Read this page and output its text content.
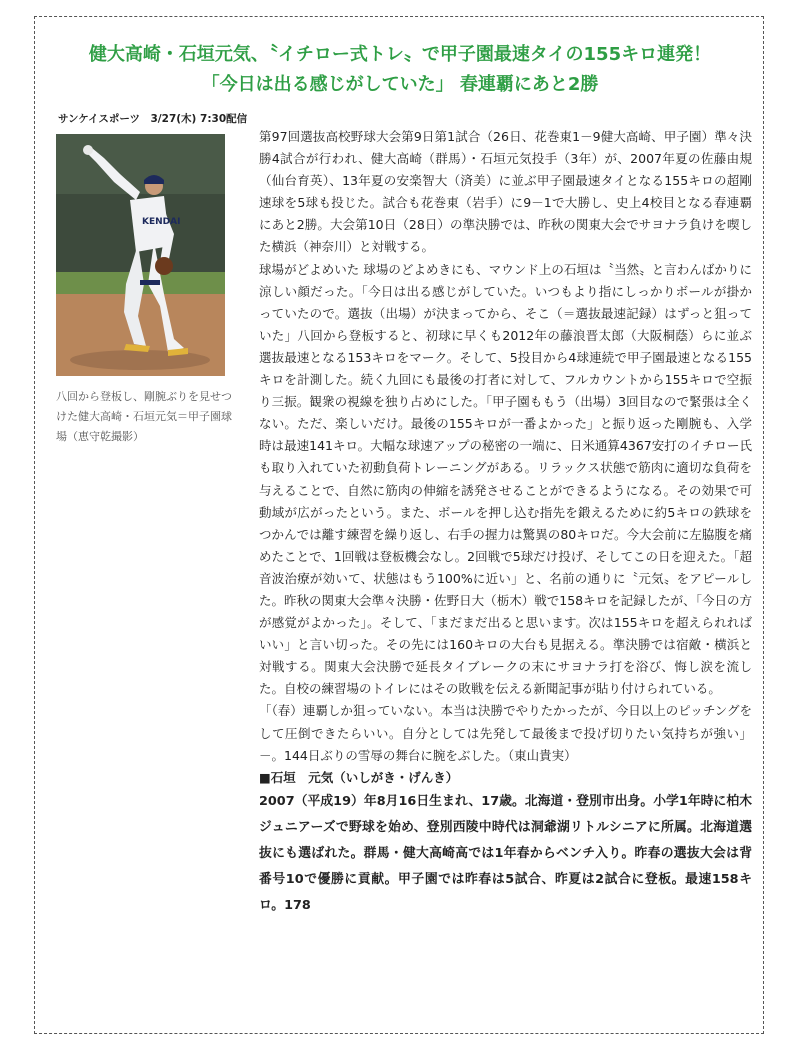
健大高崎・石垣元気、〝イチロー式トレ〟で甲子園最速タイの155キロ連発！
「今日は出る感じがしていた」 春連覇にあと2勝
サンケイスポーツ　3/27(木) 7:30配信
KENDAI
八回から登板し、剛腕ぶりを見せつけた健大高崎・石垣元気＝甲子園球場（恵守乾撮影）

第97回選抜高校野球大会第9日第1試合（26日、花巻東1－9健大高崎、甲子園）準々決勝4試合が行われ、健大高崎（群馬）・石垣元気投手（3年）が、2007年夏の佐藤由規（仙台育英）、13年夏の安楽智大（済美）に並ぶ甲子園最速タイとなる155キロの超剛速球を5球も投じた。試合も花巻東（岩手）に9－1で大勝し、史上4校目となる春連覇にあと2勝。大会第10日（28日）の準決勝では、昨秋の関東大会でサヨナラ負けを喫した横浜（神奈川）と対戦する。

球場がどよめいた 球場のどよめきにも、マウンド上の石垣は〝当然〟と言わんばかりに涼しい顔だった。「今日は出る感じがしていた。いつもより指にしっかりボールが掛かっていたので。選抜（出場）が決まってから、そこ（＝選抜最速記録）はずっと狙っていた」八回から登板すると、初球に早くも2012年の藤浪晋太郎（大阪桐蔭）らに並ぶ選抜最速となる153キロをマーク。そして、5投目から4球連続で甲子園最速となる155キロを計測した。続く九回にも最後の打者に対して、フルカウントから155キロで空振り三振。観衆の視線を独り占めにした。「甲子園ももう（出場）3回目なので緊張は全くない。ただ、楽しいだけ。最後の155キロが一番よかった」と振り返った剛腕も、入学時は最速141キロ。大幅な球速アップの秘密の一端に、日米通算4367安打のイチロー氏も取り入れていた初動負荷トレーニングがある。リラックス状態で筋肉に適切な負荷を与えることで、自然に筋肉の伸縮を誘発させることができるようになる。その効果で可動域が広がったという。また、ボールを押し込む指先を鍛えるために約5キロの鉄球をつかんでは離す練習を繰り返し、右手の握力は驚異の80キロだ。今大会前に左脇腹を痛めたことで、1回戦は登板機会なし。2回戦で5球だけ投げ、そしてこの日を迎えた。「超音波治療が効いて、状態はもう100%に近い」と、名前の通りに〝元気〟をアピールした。昨秋の関東大会準々決勝・佐野日大（栃木）戦で158キロを記録したが、「今日の方が感覚がよかった」。そして、「まだまだ出ると思います。次は155キロを超えられればいい」と言い切った。その先には160キロの大台も見据える。準決勝では宿敵・横浜と対戦する。関東大会決勝で延長タイブレークの末にサヨナラ打を浴び、悔し涙を流した。自校の練習場のトイレにはその敗戦を伝える新聞記事が貼り付けられている。

「（春）連覇しか狙っていない。本当は決勝でやりたかったが、今日以上のピッチングをして圧倒できたらいい。自分としては先発して最後まで投げ切りたい気持ちが強い」－。144日ぶりの雪辱の舞台に腕をぶした。（東山貴実）

■石垣　元気（いしがき・げんき）

2007（平成19）年8月16日生まれ、17歳。北海道・登別市出身。小学1年時に柏木ジュニアーズで野球を始め、登別西陵中時代は洞爺湖リトルシニアに所属。北海道選抜にも選ばれた。群馬・健大高崎高では1年春からベンチ入り。昨春の選抜大会は背番号10で優勝に貢献。甲子園では昨春は5試合、昨夏は2試合に登板。最速158キロ。178
